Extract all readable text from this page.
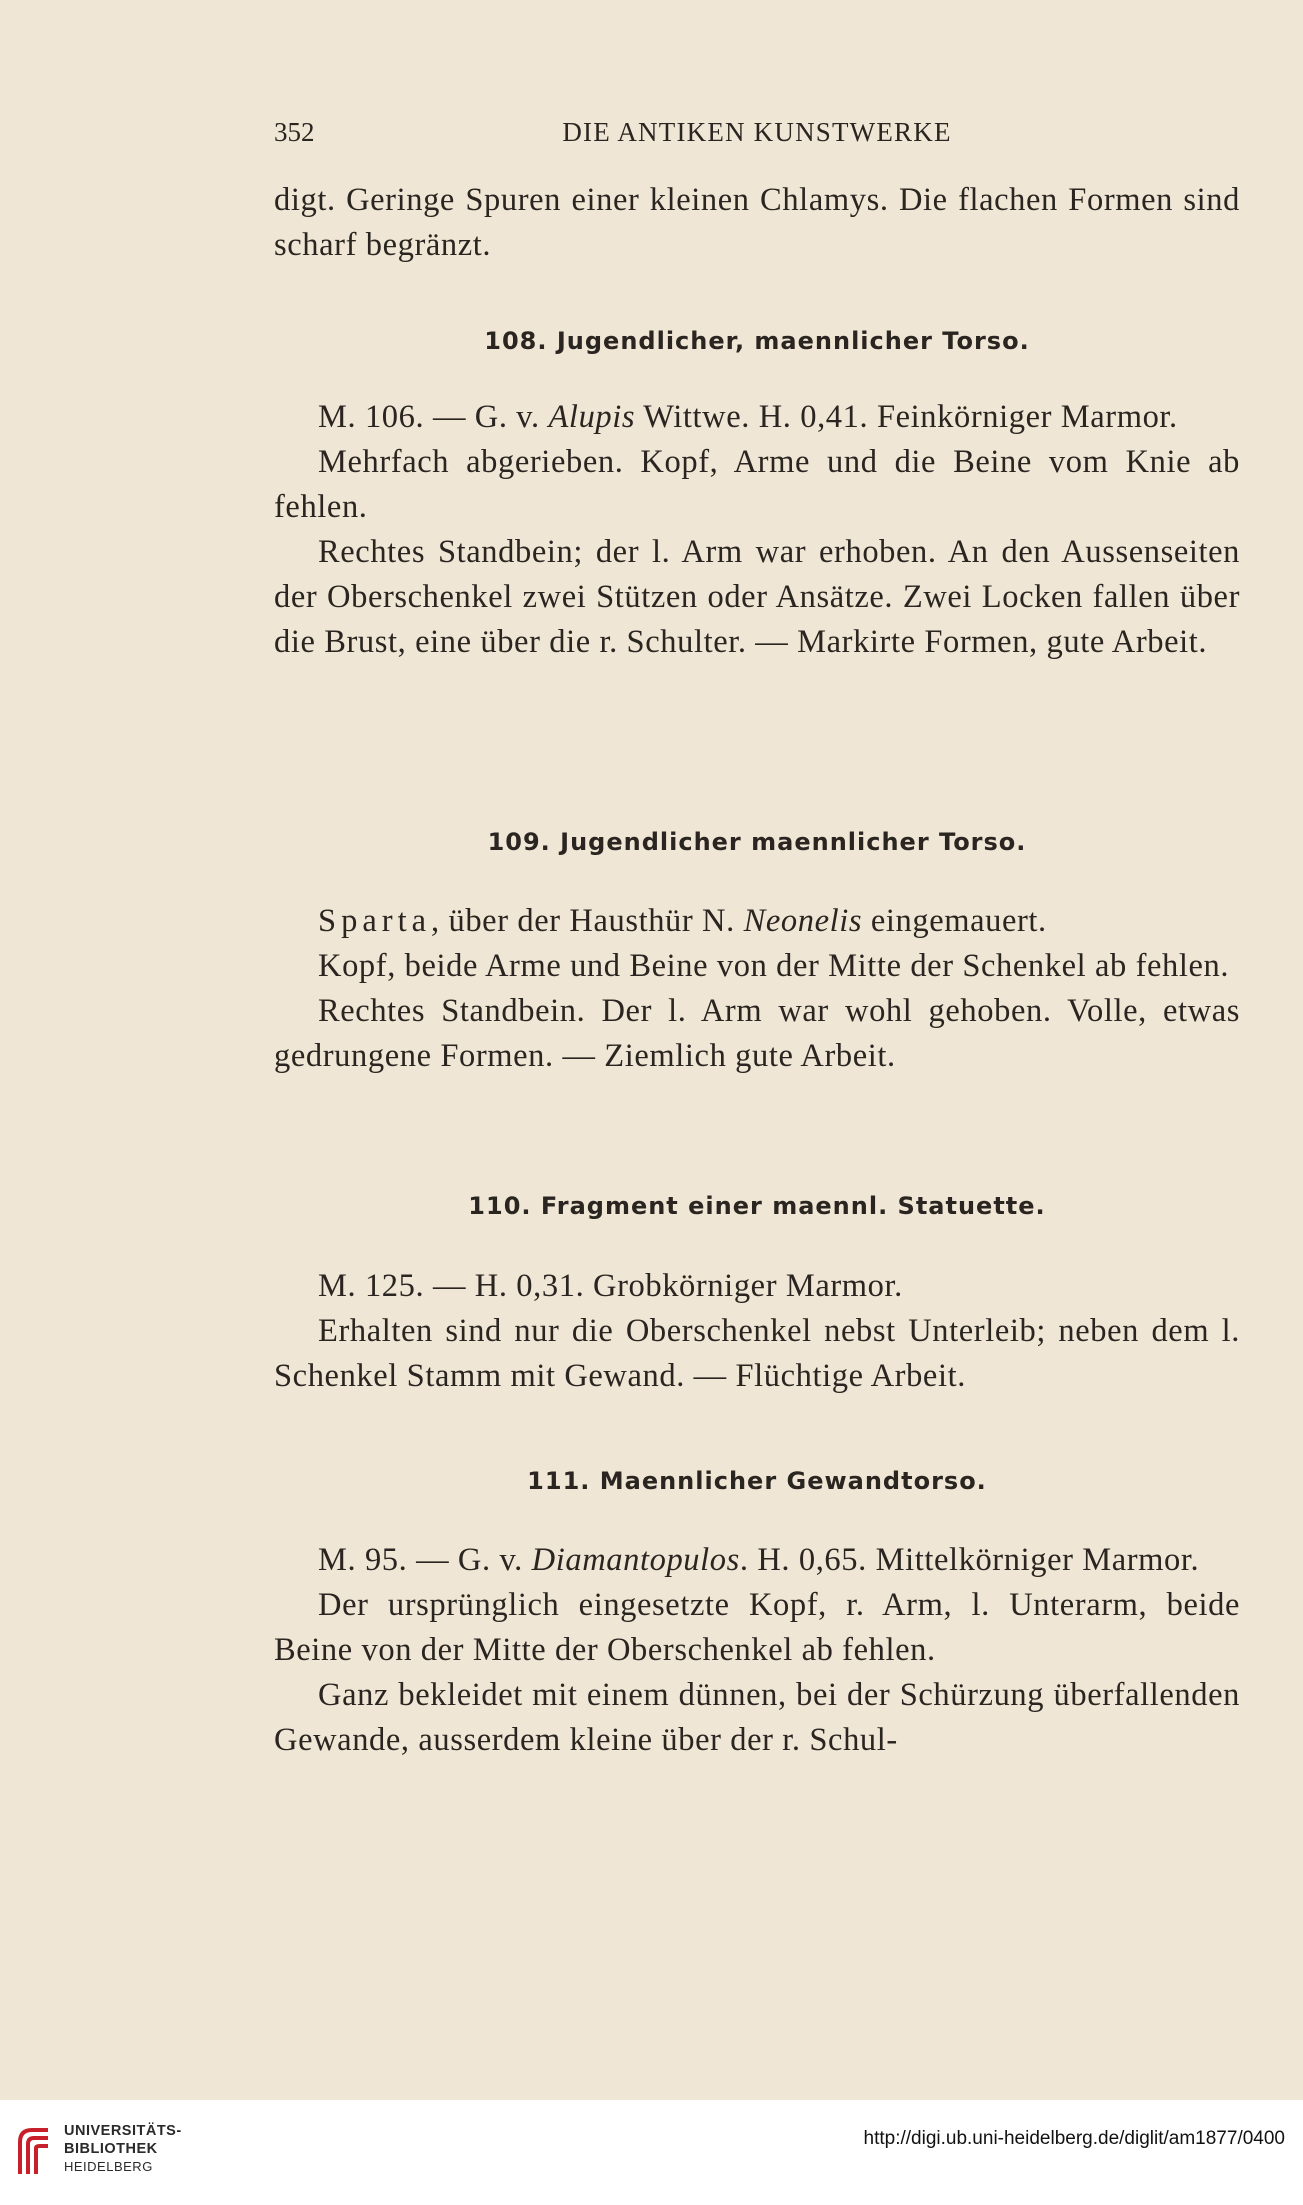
352	DIE ANTIKEN KUNSTWERKE

digt. Geringe Spuren einer kleinen Chlamys. Die flachen Formen sind scharf begränzt.

108. Jugendlicher, maennlicher Torso.

M. 106. — G. v. Alupis Wittwe. H. 0,41. Feinkörniger Marmor.

Mehrfach abgerieben. Kopf, Arme und die Beine vom Knie ab fehlen.

Rechtes Standbein; der l. Arm war erhoben. An den Aussenseiten der Oberschenkel zwei Stützen oder Ansätze. Zwei Locken fallen über die Brust, eine über die r. Schulter. — Markirte Formen, gute Arbeit.

109. Jugendlicher maennlicher Torso.

Sparta, über der Hausthür N. Neonelis eingemauert.

Kopf, beide Arme und Beine von der Mitte der Schenkel ab fehlen.

Rechtes Standbein. Der l. Arm war wohl gehoben. Volle, etwas gedrungene Formen. — Ziemlich gute Arbeit.

110. Fragment einer maennl. Statuette.

M. 125. — H. 0,31. Grobkörniger Marmor.

Erhalten sind nur die Oberschenkel nebst Unterleib; neben dem l. Schenkel Stamm mit Gewand. — Flüchtige Arbeit.

111. Maennlicher Gewandtorso.

M. 95. — G. v. Diamantopulos. H. 0,65. Mittelkörniger Marmor.

Der ursprünglich eingesetzte Kopf, r. Arm, l. Unterarm, beide Beine von der Mitte der Oberschenkel ab fehlen.

Ganz bekleidet mit einem dünnen, bei der Schürzung überfallenden Gewande, ausserdem kleine über der r. Schul-

UNIVERSITÄTS-
BIBLIOTHEK
HEIDELBERG
http://digi.ub.uni-heidelberg.de/diglit/am1877/0400
